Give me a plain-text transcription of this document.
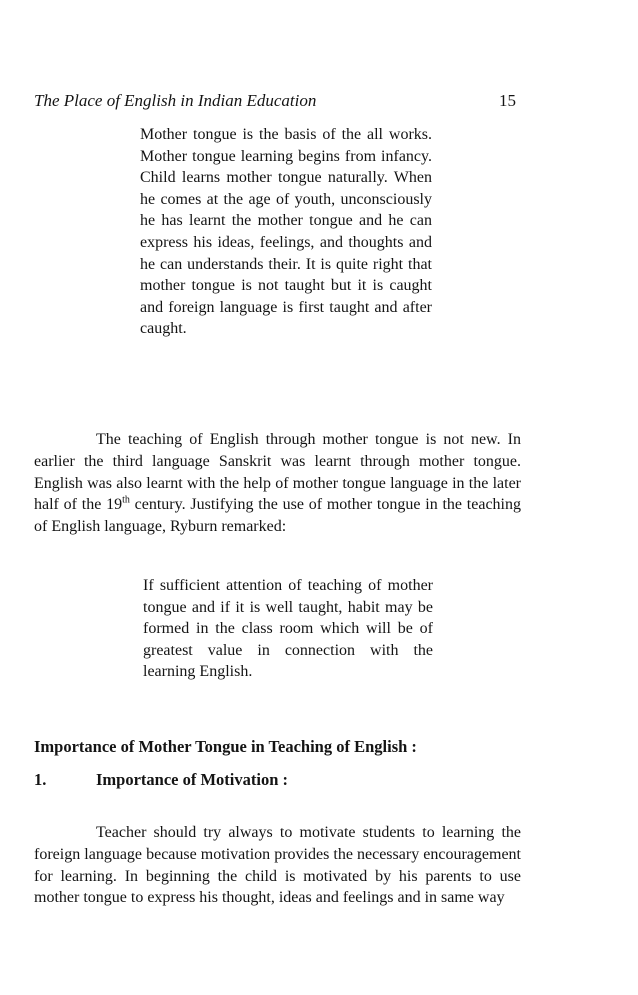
The Place of English in Indian Education	15
Mother tongue is the basis of the all works. Mother tongue learning begins from infancy. Child learns mother tongue naturally. When he comes at the age of youth, unconsciously he has learnt the mother tongue and he can express his ideas, feelings, and thoughts and he can understands their. It is quite right that mother tongue is not taught but it is caught and foreign language is first taught and after caught.
The teaching of English through mother tongue is not new. In earlier the third language Sanskrit was learnt through mother tongue. English was also learnt with the help of mother tongue language in the later half of the 19th century. Justifying the use of mother tongue in the teaching of English language, Ryburn remarked:
If sufficient attention of teaching of mother tongue and if it is well taught, habit may be formed in the class room which will be of greatest value in connection with the learning English.
Importance of Mother Tongue in Teaching of English :
1.	Importance of Motivation :
Teacher should try always to motivate students to learning the foreign language because motivation provides the necessary encouragement for learning. In beginning the child is motivated by his parents to use mother tongue to express his thought, ideas and feelings and in same way
